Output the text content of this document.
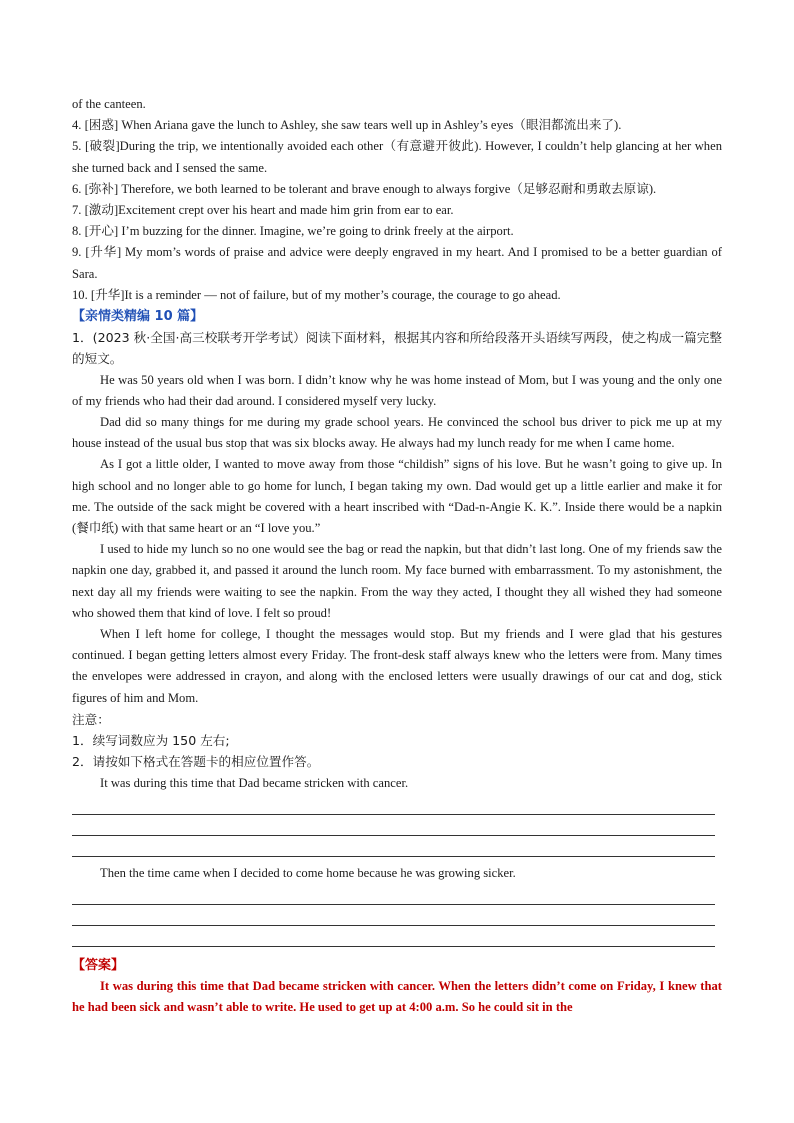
of the canteen.

4. [困惑] When Ariana gave the lunch to Ashley, she saw tears well up in Ashley’s eyes（眼泪都流出来了).

5. [破裂]During the trip, we intentionally avoided each other（有意避开彼此). However, I couldn’t help glancing at her when she turned back and I sensed the same.

6. [弥补] Therefore, we both learned to be tolerant and brave enough to always forgive（足够忍耐和勇敢去原谅).

7. [激动]Excitement crept over his heart and made him grin from ear to ear.

8. [开心] I’m buzzing for the dinner. Imagine, we’re going to drink freely at the airport.

9. [升华] My mom’s words of praise and advice were deeply engraved in my heart. And I promised to be a better guardian of Sara.

10. [升华]It is a reminder — not of failure, but of my mother’s courage, the courage to go ahead.

【亲情类精编 10 篇】

1．(2023 秋·全国·高三校联考开学考试）阅读下面材料，根据其内容和所给段落开头语续写两段，使之构成一篇完整的短文。

He was 50 years old when I was born. I didn’t know why he was home instead of Mom, but I was young and the only one of my friends who had their dad around. I considered myself very lucky.

Dad did so many things for me during my grade school years. He convinced the school bus driver to pick me up at my house instead of the usual bus stop that was six blocks away. He always had my lunch ready for me when I came home.

As I got a little older, I wanted to move away from those “childish” signs of his love. But he wasn’t going to give up. In high school and no longer able to go home for lunch, I began taking my own. Dad would get up a little earlier and make it for me. The outside of the sack might be covered with a heart inscribed with “Dad-n-Angie K. K.”. Inside there would be a napkin (餐巾纸) with that same heart or an “I love you.”

I used to hide my lunch so no one would see the bag or read the napkin, but that didn’t last long. One of my friends saw the napkin one day, grabbed it, and passed it around the lunch room. My face burned with embarrassment. To my astonishment, the next day all my friends were waiting to see the napkin. From the way they acted, I thought they all wished they had someone who showed them that kind of love. I felt so proud!

When I left home for college, I thought the messages would stop. But my friends and I were glad that his gestures continued. I began getting letters almost every Friday. The front-desk staff always knew who the letters were from. Many times the envelopes were addressed in crayon, and along with the enclosed letters were usually drawings of our cat and dog, stick figures of him and Mom.

注意：

1．续写词数应为 150 左右;

2．请按如下格式在答题卡的相应位置作答。

It was during this time that Dad became stricken with cancer.

Then the time came when I decided to come home because he was growing sicker.

【答案】

It was during this time that Dad became stricken with cancer. When the letters didn’t come on Friday, I knew that he had been sick and wasn’t able to write. He used to get up at 4:00 a.m. So he could sit in the
